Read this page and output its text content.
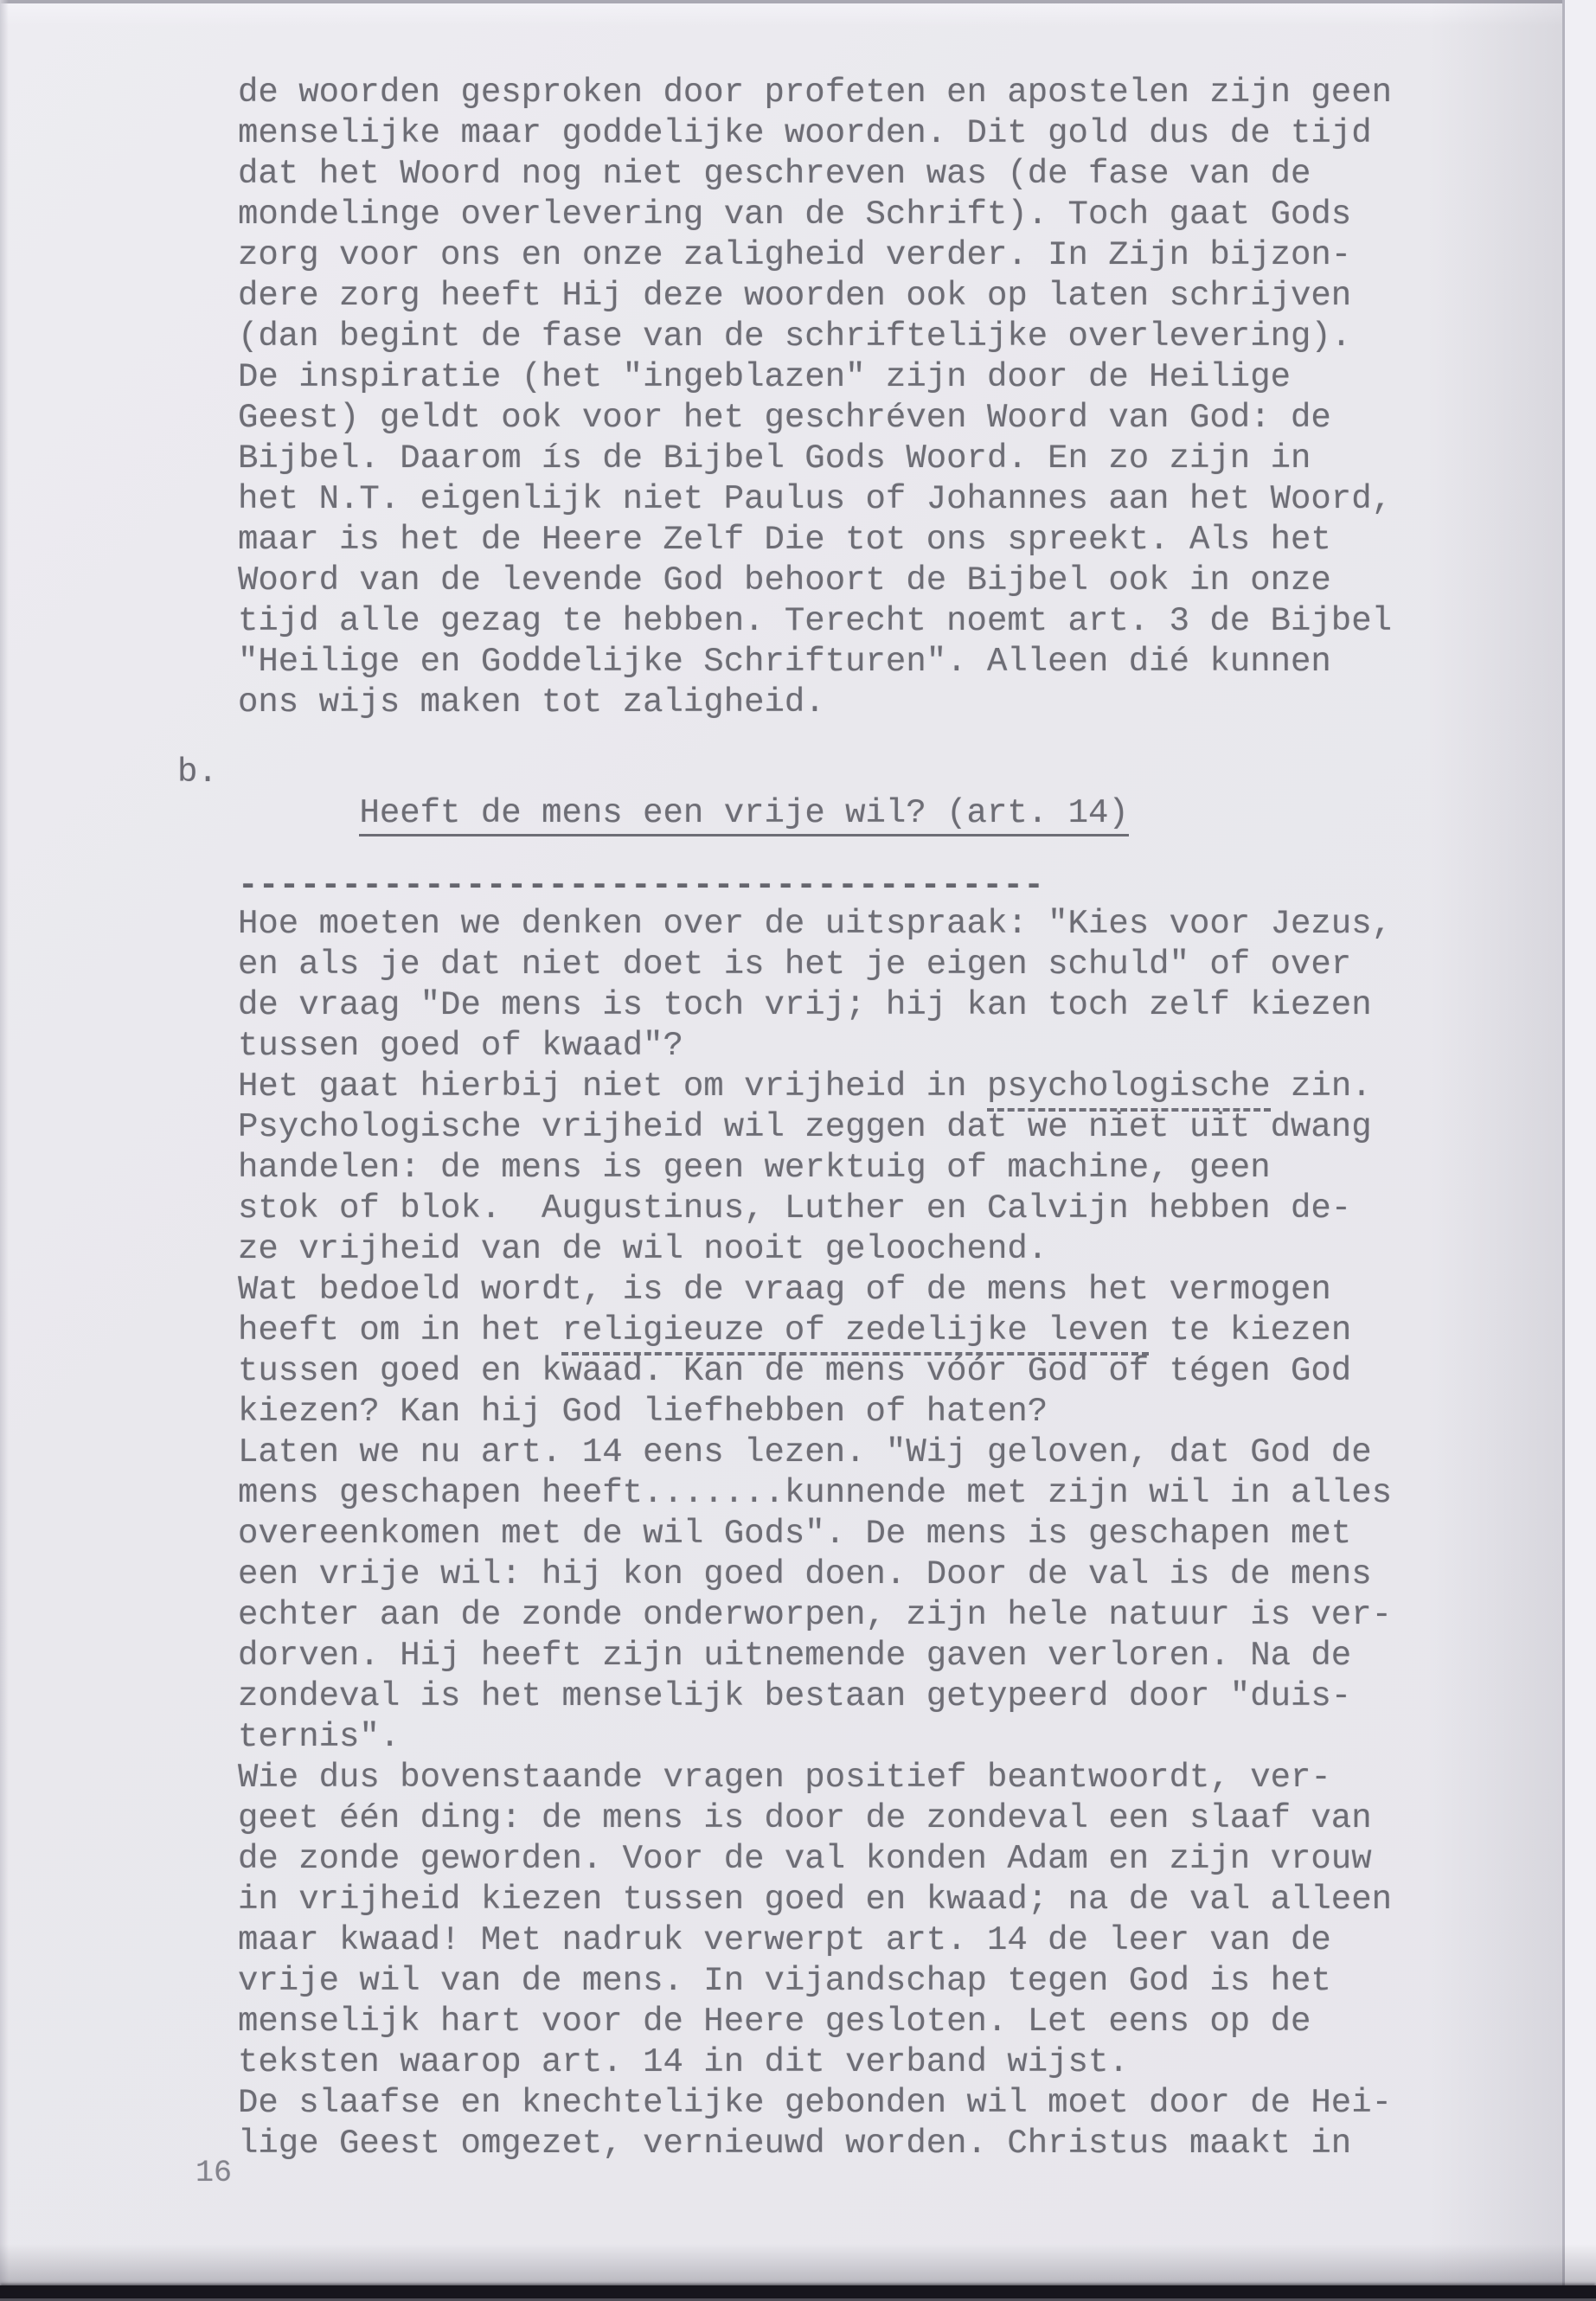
de woorden gesproken door profeten en apostelen zijn geen
menselijke maar goddelijke woorden. Dit gold dus de tijd
dat het Woord nog niet geschreven was (de fase van de
mondelinge overlevering van de Schrift). Toch gaat Gods
zorg voor ons en onze zaligheid verder. In Zijn bijzon-
dere zorg heeft Hij deze woorden ook op laten schrijven
(dan begint de fase van de schriftelijke overlevering).
De inspiratie (het "ingeblazen" zijn door de Heilige
Geest) geldt ook voor het geschréven Woord van God: de
Bijbel. Daarom ís de Bijbel Gods Woord. En zo zijn in
het N.T. eigenlijk niet Paulus of Johannes aan het Woord,
maar is het de Heere Zelf Die tot ons spreekt. Als het
Woord van de levende God behoort de Bijbel ook in onze
tijd alle gezag te hebben. Terecht noemt art. 3 de Bijbel
"Heilige en Goddelijke Schrifturen". Alleen dié kunnen
ons wijs maken tot zaligheid.

b.
Heeft de mens een vrije wil? (art. 14)

---------------------------------------
Hoe moeten we denken over de uitspraak: "Kies voor Jezus,
en als je dat niet doet is het je eigen schuld" of over
de vraag "De mens is toch vrij; hij kan toch zelf kiezen
tussen goed of kwaad"?
Het gaat hierbij niet om vrijheid in psychologische zin.
Psychologische vrijheid wil zeggen dat we niet uit dwang
handelen: de mens is geen werktuig of machine, geen
stok of blok.  Augustinus, Luther en Calvijn hebben de-
ze vrijheid van de wil nooit geloochend.
Wat bedoeld wordt, is de vraag of de mens het vermogen
heeft om in het religieuze of zedelijke leven te kiezen
tussen goed en kwaad. Kan de mens vóór God of tégen God
kiezen? Kan hij God liefhebben of haten?
Laten we nu art. 14 eens lezen. "Wij geloven, dat God de
mens geschapen heeft.......kunnende met zijn wil in alles
overeenkomen met de wil Gods". De mens is geschapen met
een vrije wil: hij kon goed doen. Door de val is de mens
echter aan de zonde onderworpen, zijn hele natuur is ver-
dorven. Hij heeft zijn uitnemende gaven verloren. Na de
zondeval is het menselijk bestaan getypeerd door "duis-
ternis".
Wie dus bovenstaande vragen positief beantwoordt, ver-
geet één ding: de mens is door de zondeval een slaaf van
de zonde geworden. Voor de val konden Adam en zijn vrouw
in vrijheid kiezen tussen goed en kwaad; na de val alleen
maar kwaad! Met nadruk verwerpt art. 14 de leer van de
vrije wil van de mens. In vijandschap tegen God is het
menselijk hart voor de Heere gesloten. Let eens op de
teksten waarop art. 14 in dit verband wijst.
De slaafse en knechtelijke gebonden wil moet door de Hei-
lige Geest omgezet, vernieuwd worden. Christus maakt in
16
